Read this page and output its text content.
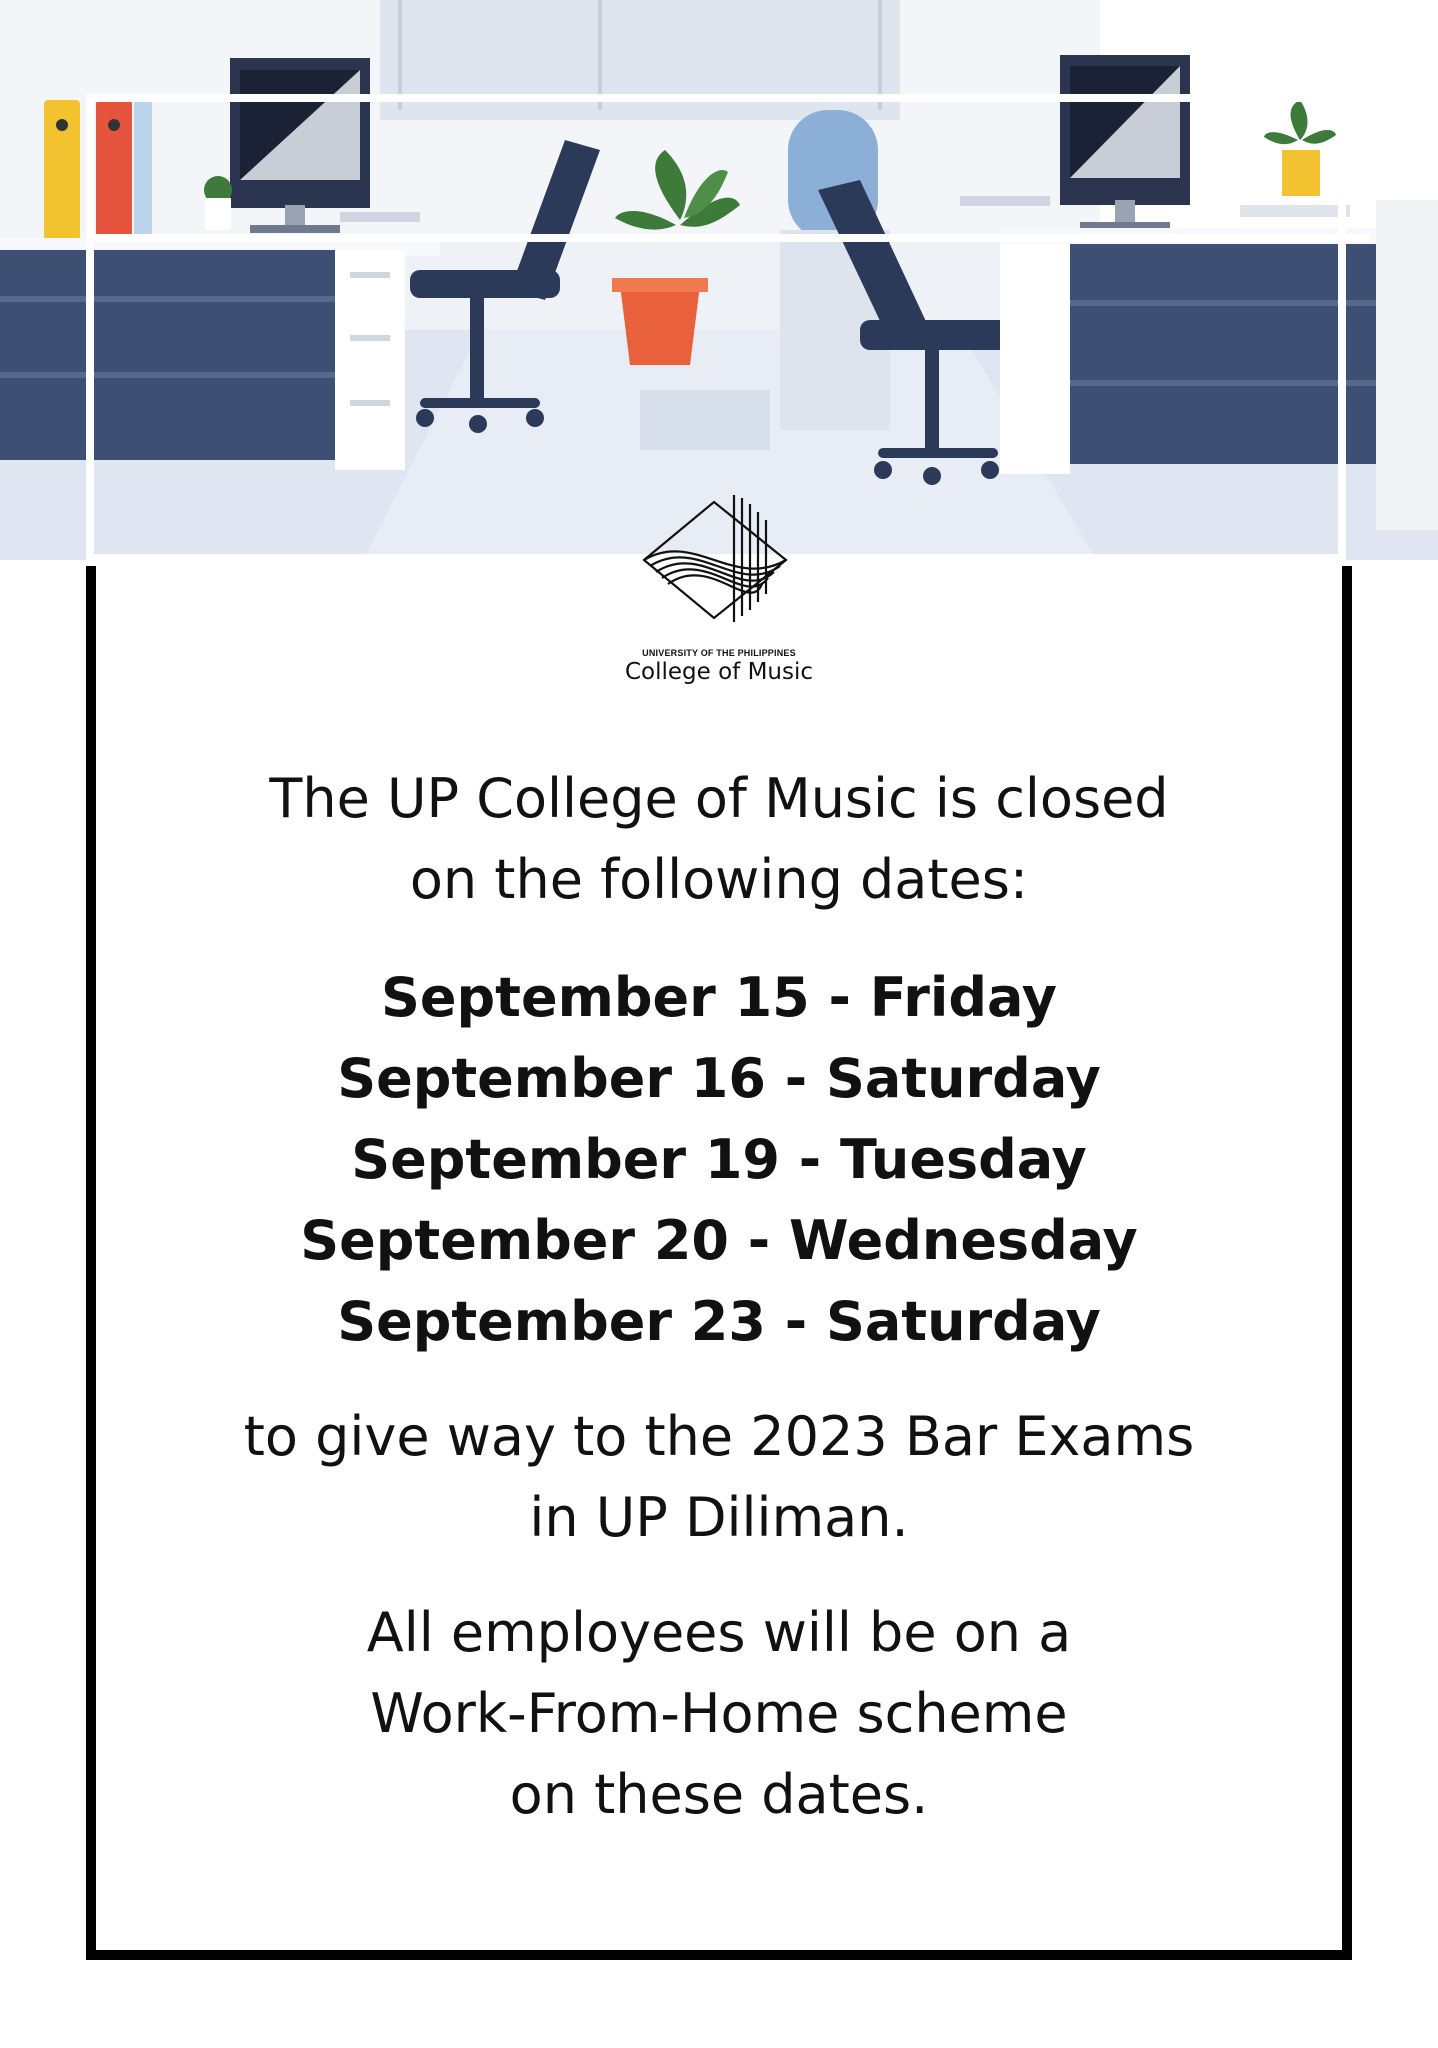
UNIVERSITY OF THE PHILIPPINES
College of Music
The UP College of Music is closed
on the following dates:
September 15 - Friday
September 16 - Saturday
September 19 - Tuesday
September 20 - Wednesday
September 23 - Saturday
to give way to the 2023 Bar Exams
in UP Diliman.
All employees will be on a
Work-From-Home scheme
on these dates.
